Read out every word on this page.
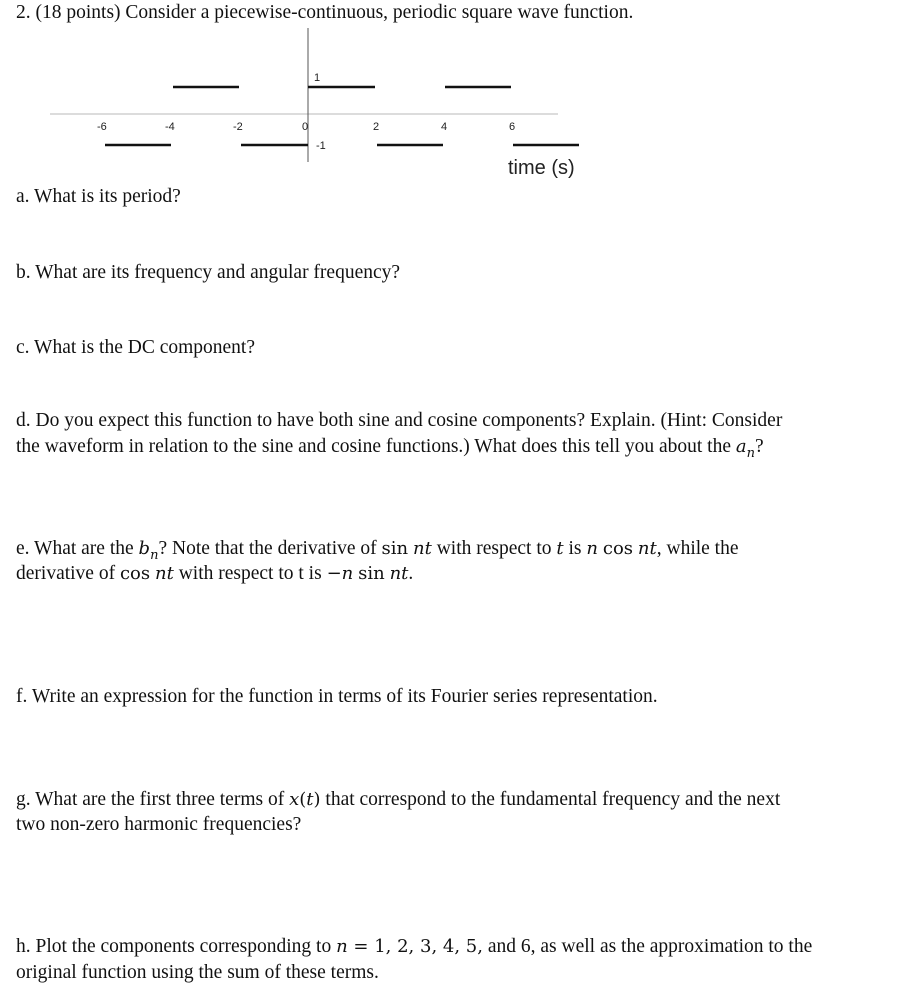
2. (18 points) Consider a piecewise-continuous, periodic square wave function.

-6	-4	-2	0	2	4	6
1
-1
time (s)

a. What is its period?

b. What are its frequency and angular frequency?

c. What is the DC component?

d. Do you expect this function to have both sine and cosine components? Explain. (Hint: Consider

the waveform in relation to the sine and cosine functions.) What does this tell you about the $a_n$?

e. What are the $b_n$? Note that the derivative of sin nt with respect to t is n cos nt, while the

derivative of cos nt with respect to t is −n sin nt.

f. Write an expression for the function in terms of its Fourier series representation.

g. What are the first three terms of x(t) that correspond to the fundamental frequency and the next

two non-zero harmonic frequencies?

h. Plot the components corresponding to n = 1, 2, 3, 4, 5, and 6, as well as the approximation to the

original function using the sum of these terms.
